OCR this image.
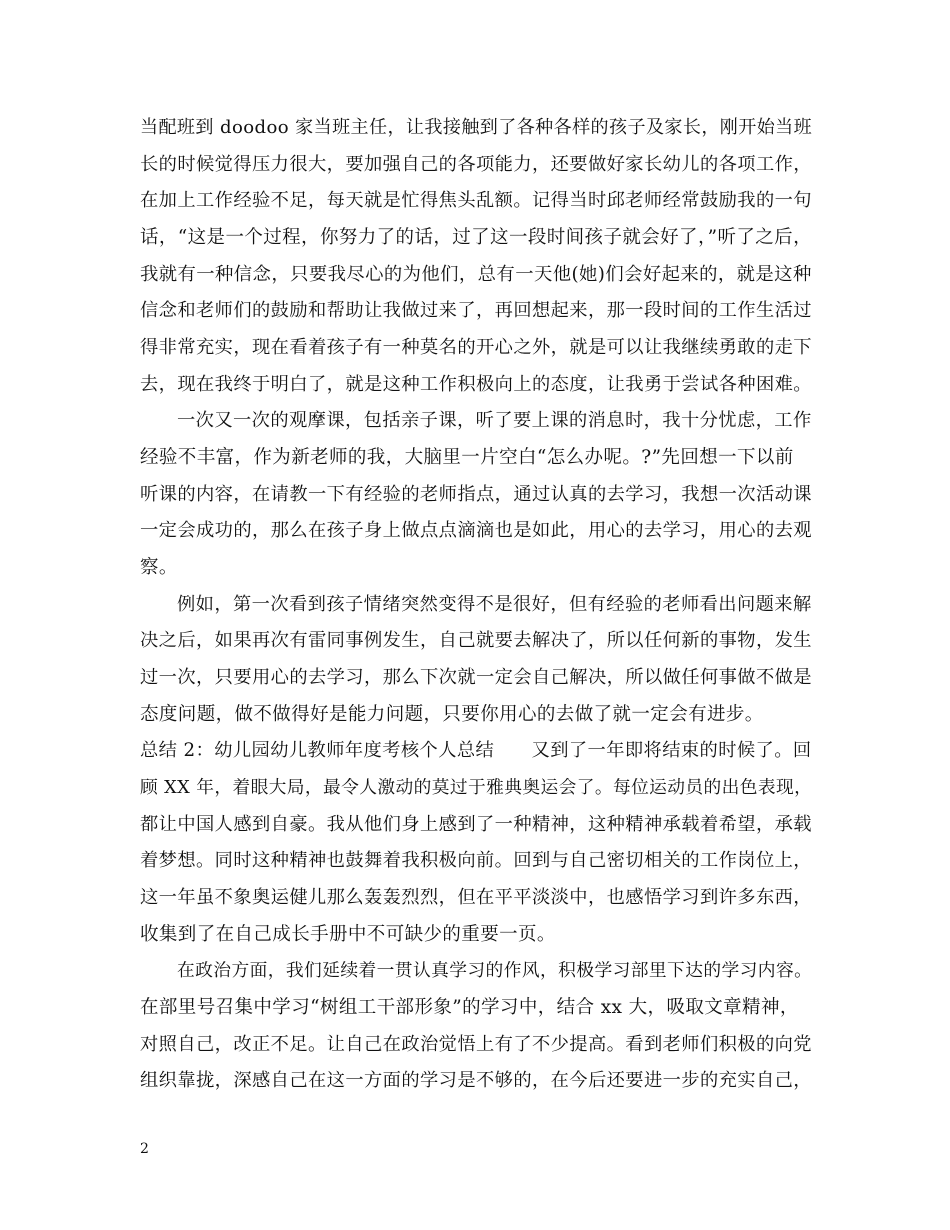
当配班到 doodoo 家当班主任，让我接触到了各种各样的孩子及家长，刚开始当班
长的时候觉得压力很大，要加强自己的各项能力，还要做好家长幼儿的各项工作，
在加上工作经验不足，每天就是忙得焦头乱额。记得当时邱老师经常鼓励我的一句
话，“这是一个过程，你努力了的话，过了这一段时间孩子就会好了，”听了之后，
我就有一种信念，只要我尽心的为他们，总有一天他(她)们会好起来的，就是这种
信念和老师们的鼓励和帮助让我做过来了，再回想起来，那一段时间的工作生活过
得非常充实，现在看着孩子有一种莫名的开心之外，就是可以让我继续勇敢的走下
去，现在我终于明白了，就是这种工作积极向上的态度，让我勇于尝试各种困难。
一次又一次的观摩课，包括亲子课，听了要上课的消息时，我十分忧虑，工作
经验不丰富，作为新老师的我，大脑里一片空白“怎么办呢。?”先回想一下以前
听课的内容，在请教一下有经验的老师指点，通过认真的去学习，我想一次活动课
一定会成功的，那么在孩子身上做点点滴滴也是如此，用心的去学习，用心的去观
察。
例如，第一次看到孩子情绪突然变得不是很好，但有经验的老师看出问题来解
决之后，如果再次有雷同事例发生，自己就要去解决了，所以任何新的事物，发生
过一次，只要用心的去学习，那么下次就一定会自己解决，所以做任何事做不做是
态度问题，做不做得好是能力问题，只要你用心的去做了就一定会有进步。
总结 2：幼儿园幼儿教师年度考核个人总结　　又到了一年即将结束的时候了。回
顾 XX 年，着眼大局，最令人激动的莫过于雅典奥运会了。每位运动员的出色表现，
都让中国人感到自豪。我从他们身上感到了一种精神，这种精神承载着希望，承载
着梦想。同时这种精神也鼓舞着我积极向前。回到与自己密切相关的工作岗位上，
这一年虽不象奥运健儿那么轰轰烈烈，但在平平淡淡中，也感悟学习到许多东西，
收集到了在自己成长手册中不可缺少的重要一页。
在政治方面，我们延续着一贯认真学习的作风，积极学习部里下达的学习内容。
在部里号召集中学习“树组工干部形象”的学习中，结合 xx 大，吸取文章精神，
对照自己，改正不足。让自己在政治觉悟上有了不少提高。看到老师们积极的向党
组织靠拢，深感自己在这一方面的学习是不够的，在今后还要进一步的充实自己，
2
